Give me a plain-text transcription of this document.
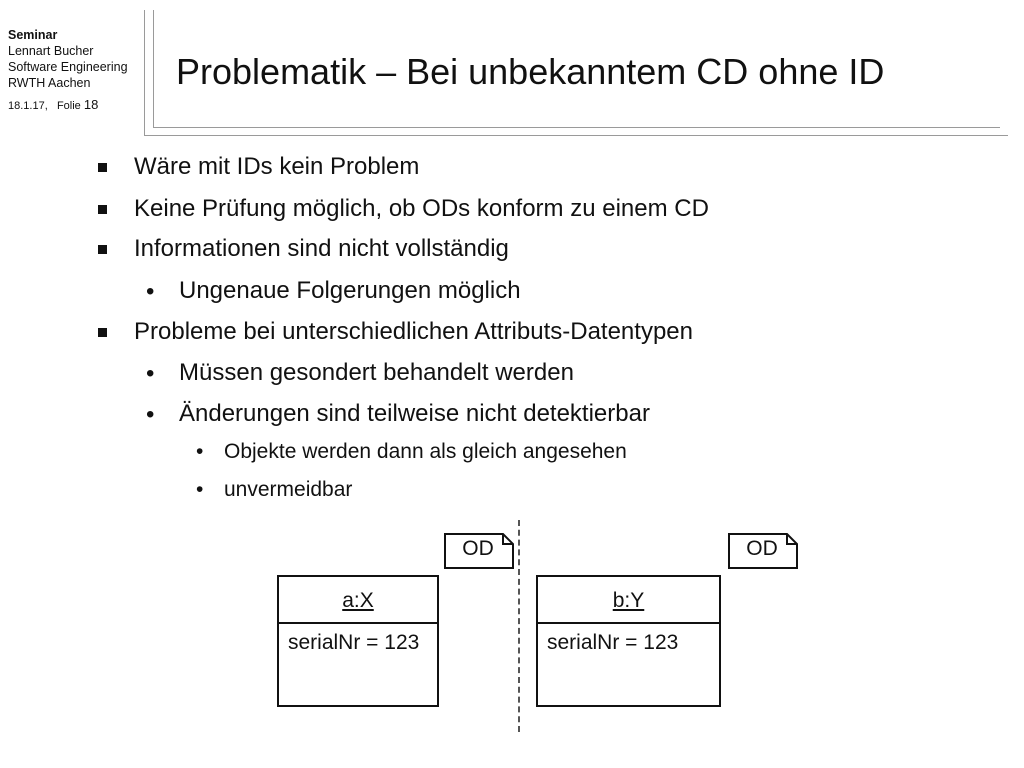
Seminar
Lennart Bucher
Software Engineering
RWTH Aachen
18.1.17, Folie 18
Problematik – Bei unbekanntem CD ohne ID
Wäre mit IDs kein Problem
Keine Prüfung möglich, ob ODs konform zu einem CD
Informationen sind nicht vollständig
• Ungenaue Folgerungen möglich
Probleme bei unterschiedlichen Attributs-Datentypen
• Müssen gesondert behandelt werden
• Änderungen sind teilweise nicht detektierbar
• Objekte werden dann als gleich angesehen
• unvermeidbar
OD	OD
a:X
serialNr = 123
b:Y
serialNr = 123
